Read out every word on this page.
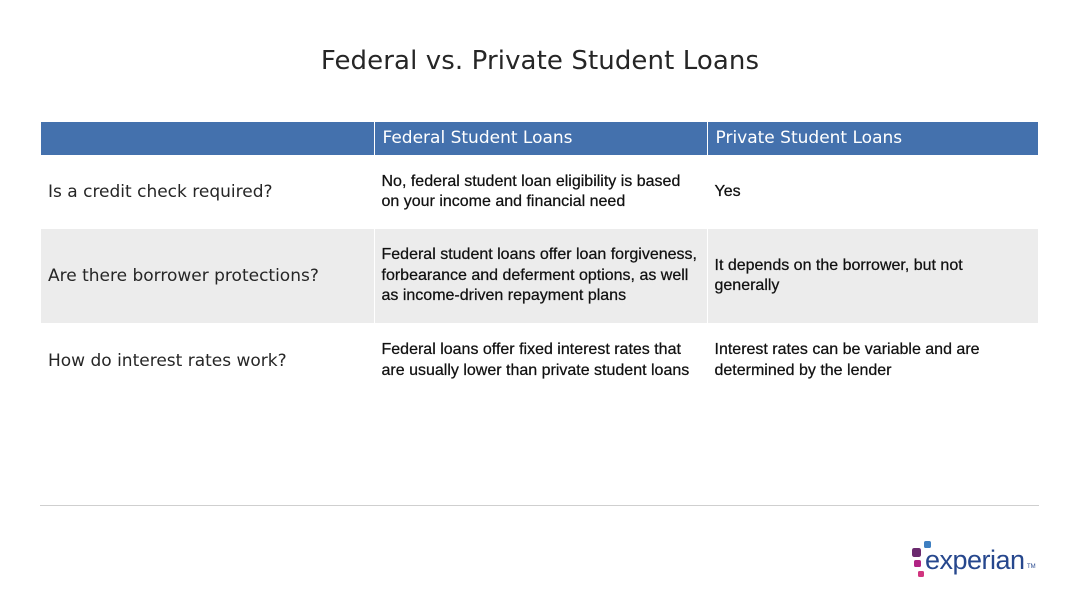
Federal vs. Private Student Loans
	Federal Student Loans	Private Student Loans
Is a credit check required?	No, federal student loan eligibility is based on your income and financial need	Yes
Are there borrower protections?	Federal student loans offer loan forgiveness, forbearance and deferment options, as well as income-driven repayment plans	It depends on the borrower, but not generally
How do interest rates work?	Federal loans offer fixed interest rates that are usually lower than private student loans	Interest rates can be variable and are determined by the lender
experian TM
